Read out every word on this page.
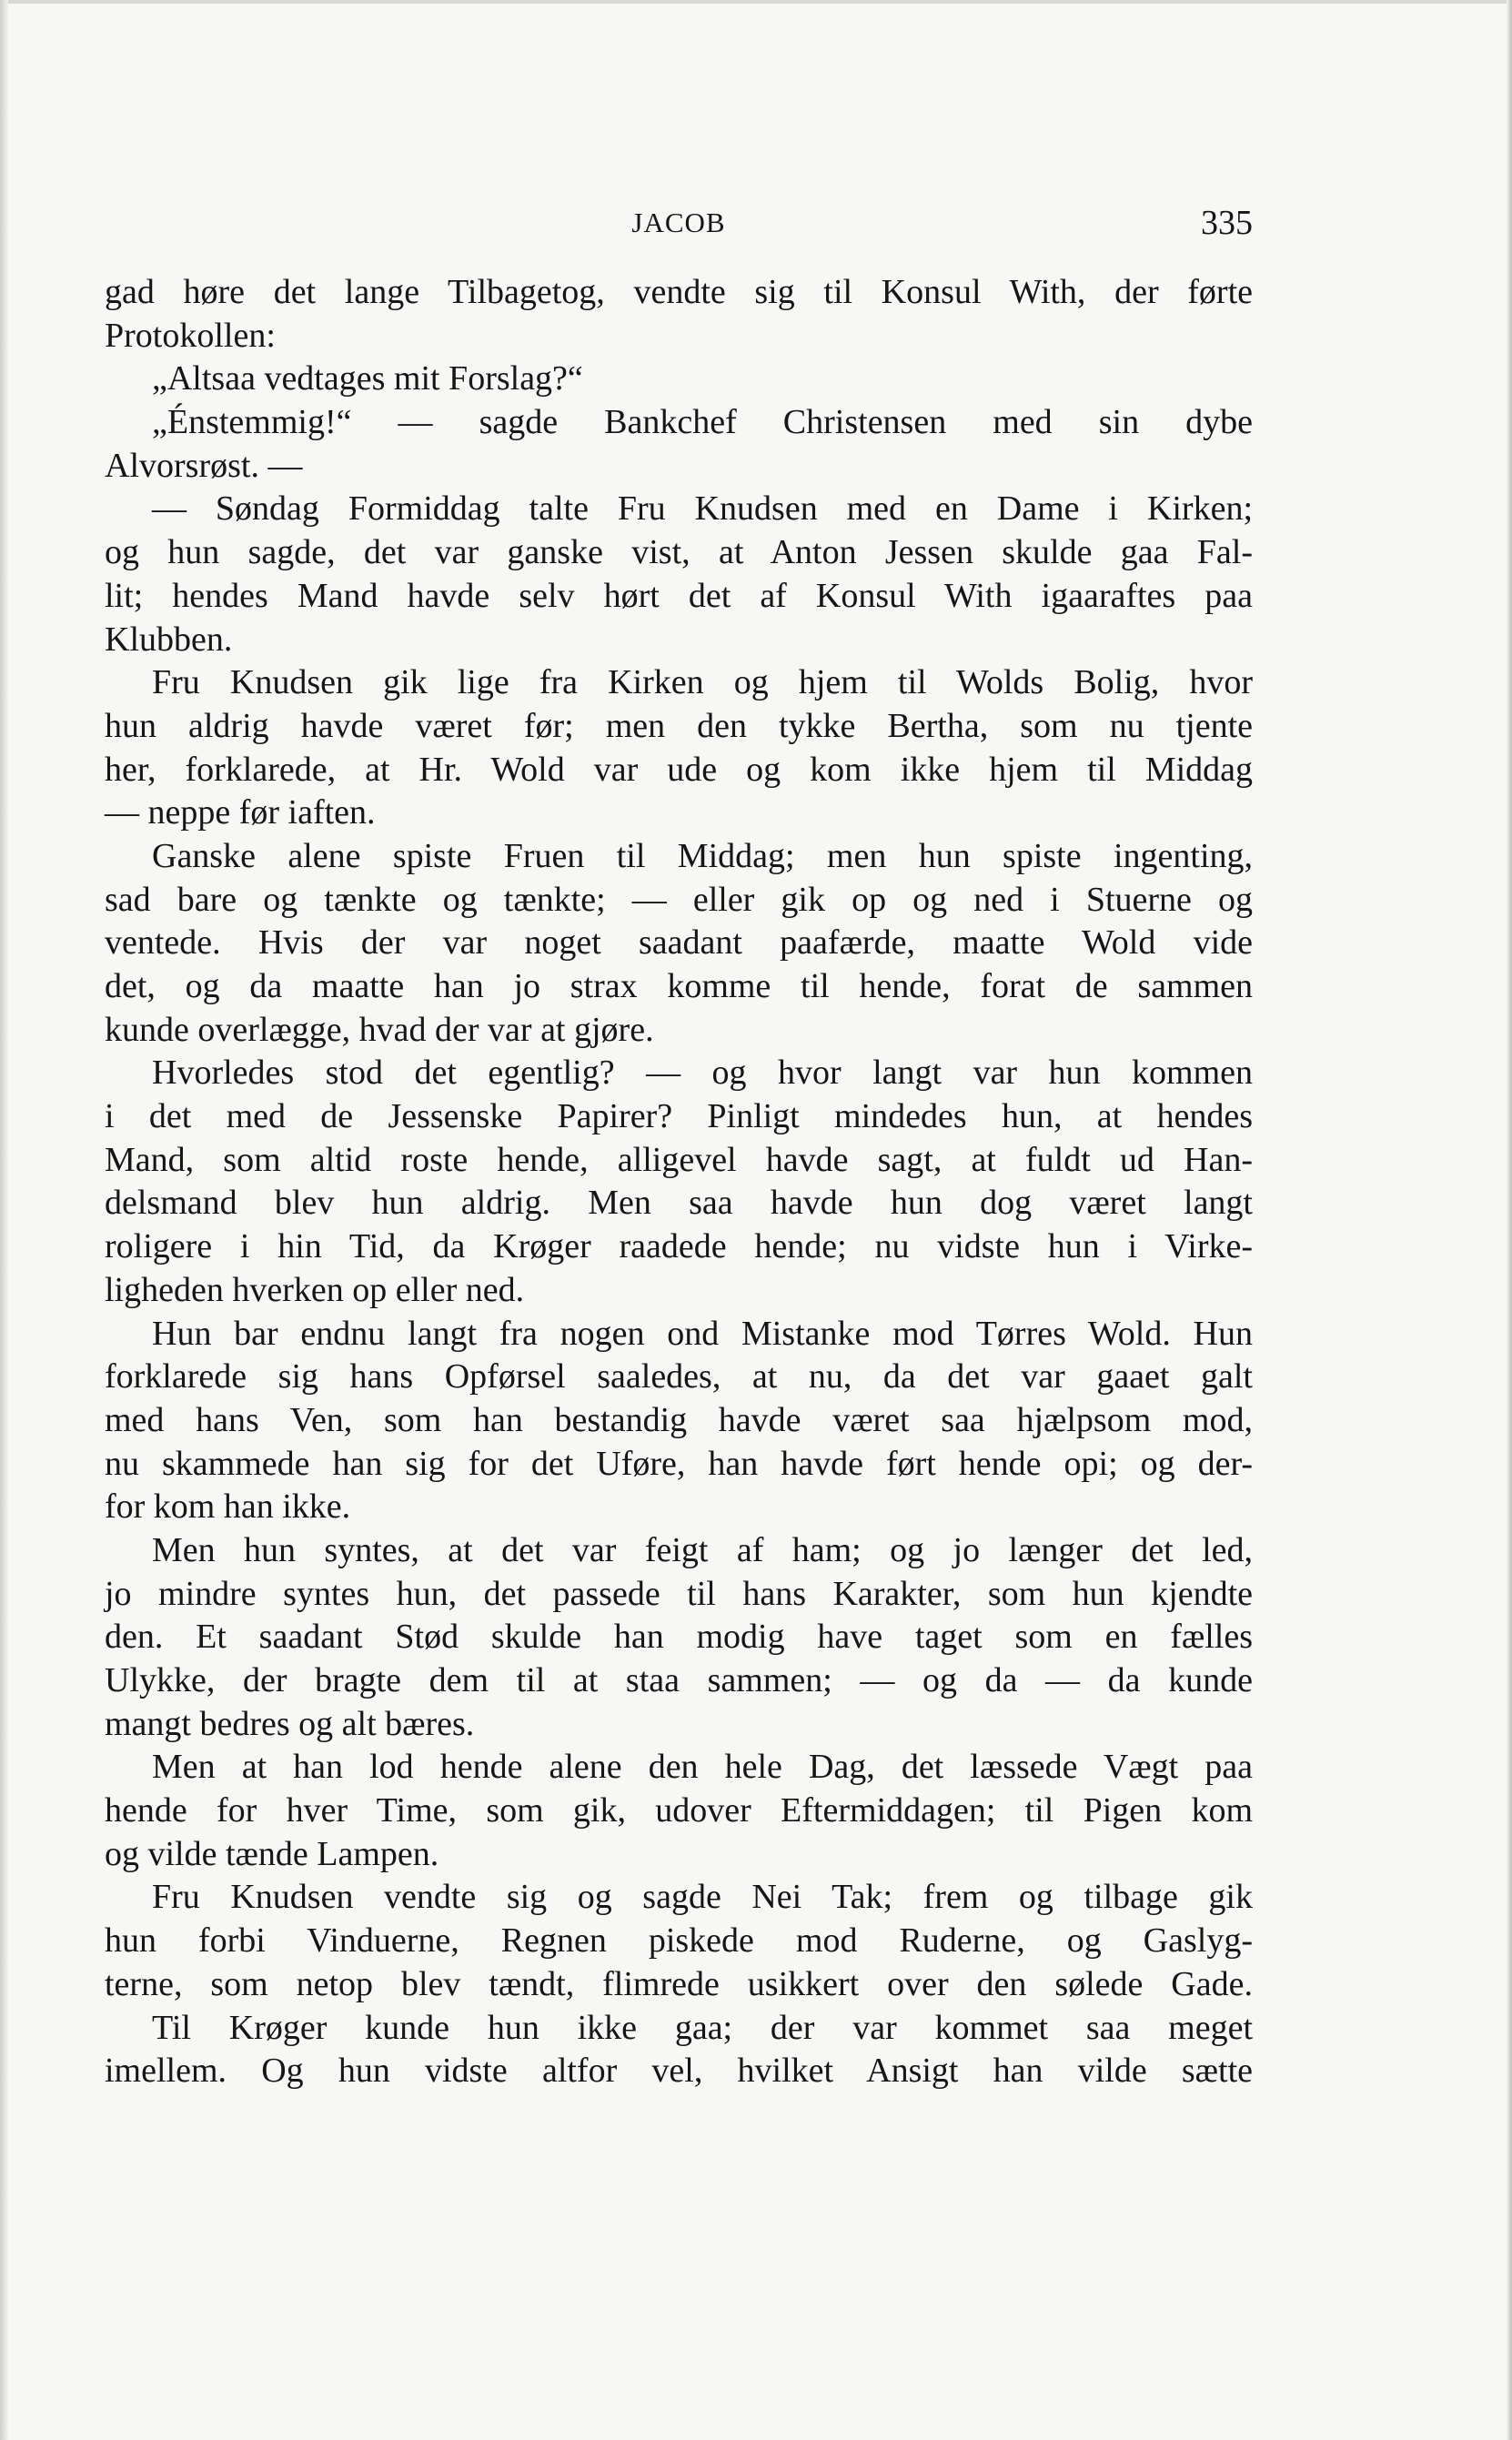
JACOB	335
gad høre det lange Tilbagetog, vendte sig til Konsul With, der førte
Protokollen:
„Altsaa vedtages mit Forslag?“
„Énstemmig!“ — sagde Bankchef Christensen med sin dybe
Alvorsrøst. —
— Søndag Formiddag talte Fru Knudsen med en Dame i Kirken;
og hun sagde, det var ganske vist, at Anton Jessen skulde gaa Fal-
lit; hendes Mand havde selv hørt det af Konsul With igaaraftes paa
Klubben.
Fru Knudsen gik lige fra Kirken og hjem til Wolds Bolig, hvor
hun aldrig havde været før; men den tykke Bertha, som nu tjente
her, forklarede, at Hr. Wold var ude og kom ikke hjem til Middag
— neppe før iaften.
Ganske alene spiste Fruen til Middag; men hun spiste ingenting,
sad bare og tænkte og tænkte; — eller gik op og ned i Stuerne og
ventede. Hvis der var noget saadant paafærde, maatte Wold vide
det, og da maatte han jo strax komme til hende, forat de sammen
kunde overlægge, hvad der var at gjøre.
Hvorledes stod det egentlig? — og hvor langt var hun kommen
i det med de Jessenske Papirer? Pinligt mindedes hun, at hendes
Mand, som altid roste hende, alligevel havde sagt, at fuldt ud Han-
delsmand blev hun aldrig. Men saa havde hun dog været langt
roligere i hin Tid, da Krøger raadede hende; nu vidste hun i Virke-
ligheden hverken op eller ned.
Hun bar endnu langt fra nogen ond Mistanke mod Tørres Wold. Hun
forklarede sig hans Opførsel saaledes, at nu, da det var gaaet galt
med hans Ven, som han bestandig havde været saa hjælpsom mod,
nu skammede han sig for det Uføre, han havde ført hende opi; og der-
for kom han ikke.
Men hun syntes, at det var feigt af ham; og jo længer det led,
jo mindre syntes hun, det passede til hans Karakter, som hun kjendte
den. Et saadant Stød skulde han modig have taget som en fælles
Ulykke, der bragte dem til at staa sammen; — og da — da kunde
mangt bedres og alt bæres.
Men at han lod hende alene den hele Dag, det læssede Vægt paa
hende for hver Time, som gik, udover Eftermiddagen; til Pigen kom
og vilde tænde Lampen.
Fru Knudsen vendte sig og sagde Nei Tak; frem og tilbage gik
hun forbi Vinduerne, Regnen piskede mod Ruderne, og Gaslyg-
terne, som netop blev tændt, flimrede usikkert over den sølede Gade.
Til Krøger kunde hun ikke gaa; der var kommet saa meget
imellem. Og hun vidste altfor vel, hvilket Ansigt han vilde sætte
